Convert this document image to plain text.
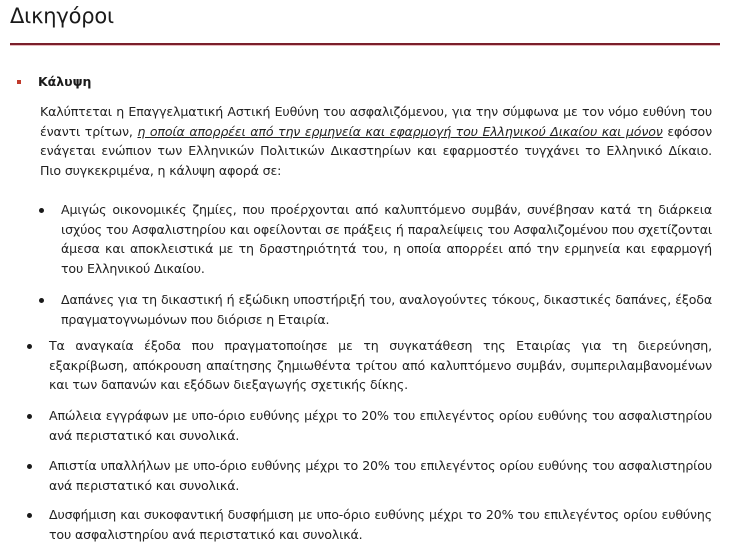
Δικηγόροι
Κάλυψη

Καλύπτεται η Επαγγελματική Αστική Ευθύνη του ασφαλιζόμενου, για την σύμφωνα με τον νόμο ευθύνη του έναντι τρίτων, η οποία απορρέει από την ερμηνεία και εφαρμογή του Ελληνικού Δικαίου και μόνον εφόσον ενάγεται ενώπιον των Ελληνικών Πολιτικών Δικαστηρίων και εφαρμοστέο τυγχάνει το Ελληνικό Δίκαιο. Πιο συγκεκριμένα, η κάλυψη αφορά σε:

Αμιγώς οικονομικές ζημίες, που προέρχονται από καλυπτόμενο συμβάν, συνέβησαν κατά τη διάρκεια ισχύος του Ασφαλιστηρίου και οφείλονται σε πράξεις ή παραλείψεις του Ασφαλιζομένου που σχετίζονται άμεσα και αποκλειστικά με τη δραστηριότητά του, η οποία απορρέει από την ερμηνεία και εφαρμογή του Ελληνικού Δικαίου.

Δαπάνες για τη δικαστική ή εξώδικη υποστήριξή του, αναλογούντες τόκους, δικαστικές δαπάνες, έξοδα πραγματογνωμόνων που διόρισε η Εταιρία.

Τα αναγκαία έξοδα που πραγματοποίησε με τη συγκατάθεση της Εταιρίας για τη διερεύνηση, εξακρίβωση, απόκρουση απαίτησης ζημιωθέντα τρίτου από καλυπτόμενο συμβάν, συμπεριλαμβανομένων και των δαπανών και εξόδων διεξαγωγής σχετικής δίκης.

Απώλεια εγγράφων με υπο-όριο ευθύνης μέχρι το 20% του επιλεγέντος ορίου ευθύνης του ασφαλιστηρίου ανά περιστατικό και συνολικά.

Απιστία υπαλλήλων με υπο-όριο ευθύνης μέχρι το 20% του επιλεγέντος ορίου ευθύνης του ασφαλιστηρίου ανά περιστατικό και συνολικά.

Δυσφήμιση και συκοφαντική δυσφήμιση με υπο-όριο ευθύνης μέχρι το 20% του επιλεγέντος ορίου ευθύνης του ασφαλιστηρίου ανά περιστατικό και συνολικά.
